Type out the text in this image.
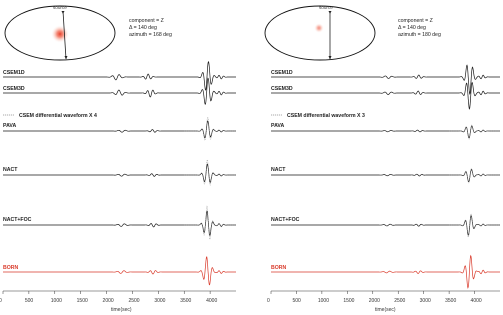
source
component = Z
Δ = 140 deg
azimuth = 168 deg
CSEM1D
CSEM3D
CSEM differential waveform X 4
PAVA
NACT
NACT+FOC
BORN
0	500	1000	1500	2000	2500	3000	3500	4000
time(sec)
source
component = Z
Δ = 140 deg
azimuth = 180 deg
CSEM1D
CSEM3D
CSEM differential waveform X 3
PAVA
NACT
NACT+FOC
BORN
0	500	1000	1500	2000	2500	3000	3500	4000
time(sec)
